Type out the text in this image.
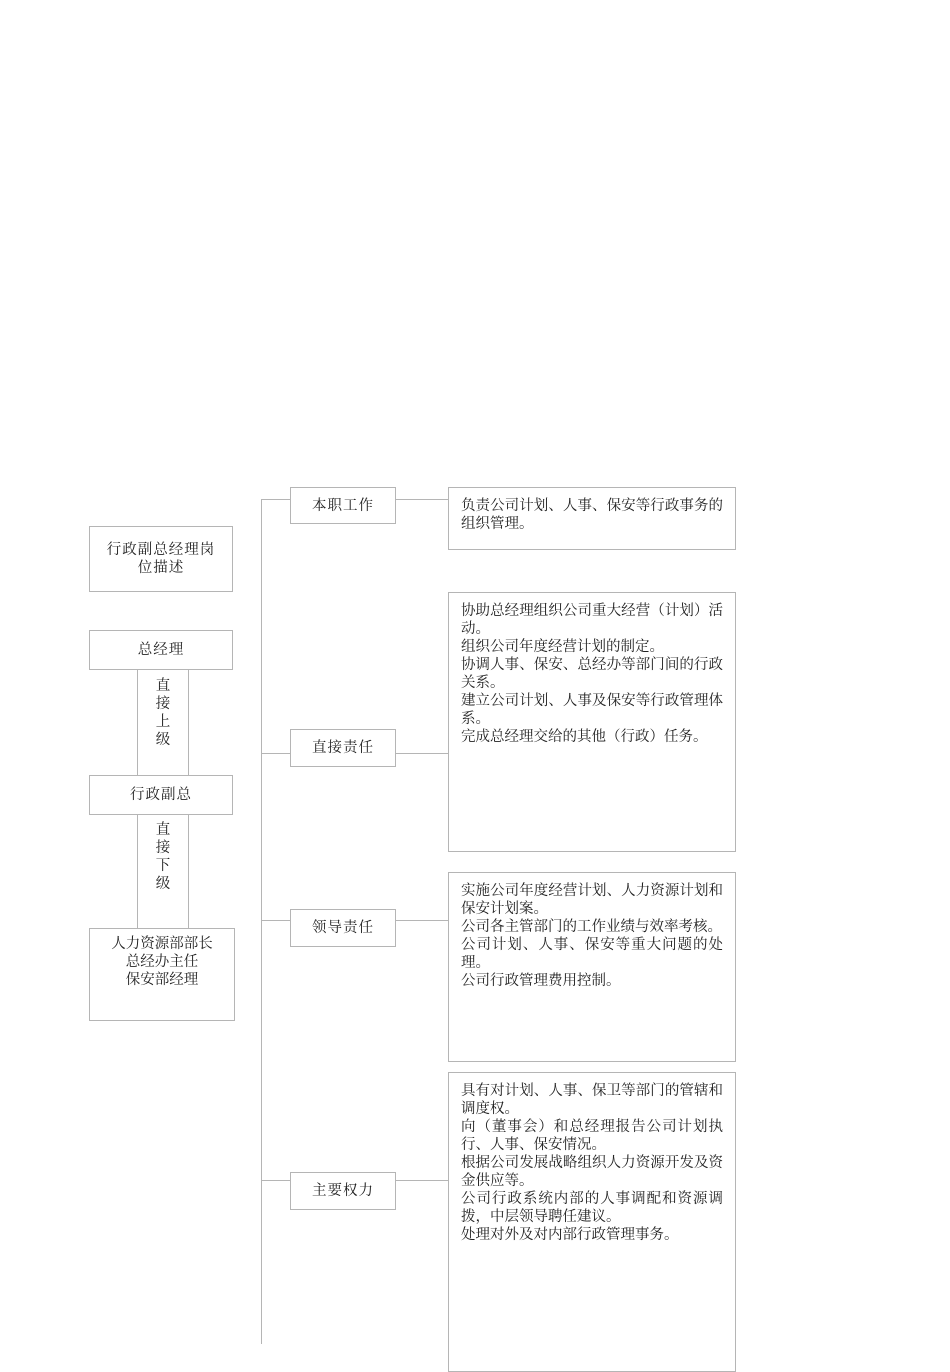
行政副总经理岗位描述
总经理
直接上级
行政副总
直接下级
人力资源部部长
总经办主任
保安部经理
本职工作	负责公司计划、人事、保安等行政事务的组织管理。

直接责任

协助总经理组织公司重大经营（计划）活动。

组织公司年度经营计划的制定。

协调人事、保安、总经办等部门间的行政关系。

建立公司计划、人事及保安等行政管理体系。

完成总经理交给的其他（行政）任务。

领导责任

实施公司年度经营计划、人力资源计划和保安计划案。

公司各主管部门的工作业绩与效率考核。

公司计划、人事、保安等重大问题的处理。

公司行政管理费用控制。

主要权力

具有对计划、人事、保卫等部门的管辖和调度权。

向（董事会）和总经理报告公司计划执行、人事、保安情况。

根据公司发展战略组织人力资源开发及资金供应等。

公司行政系统内部的人事调配和资源调拨，中层领导聘任建议。

处理对外及对内部行政管理事务。
